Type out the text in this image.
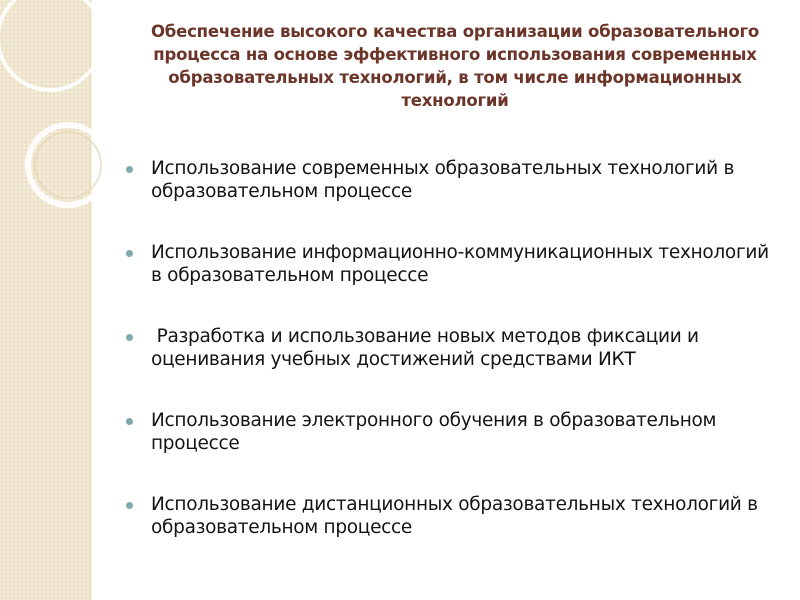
Обеспечение высокого качества организации образовательного процесса на основе эффективного использования современных образовательных технологий, в том числе информационных технологий
Использование современных образовательных технологий в образовательном процессе
Использование информационно-коммуникационных технологий в образовательном процессе
Разработка и использование новых методов фиксации и оценивания учебных достижений средствами ИКТ
Использование электронного обучения в образовательном процессе
Использование дистанционных образовательных технологий в образовательном процессе
